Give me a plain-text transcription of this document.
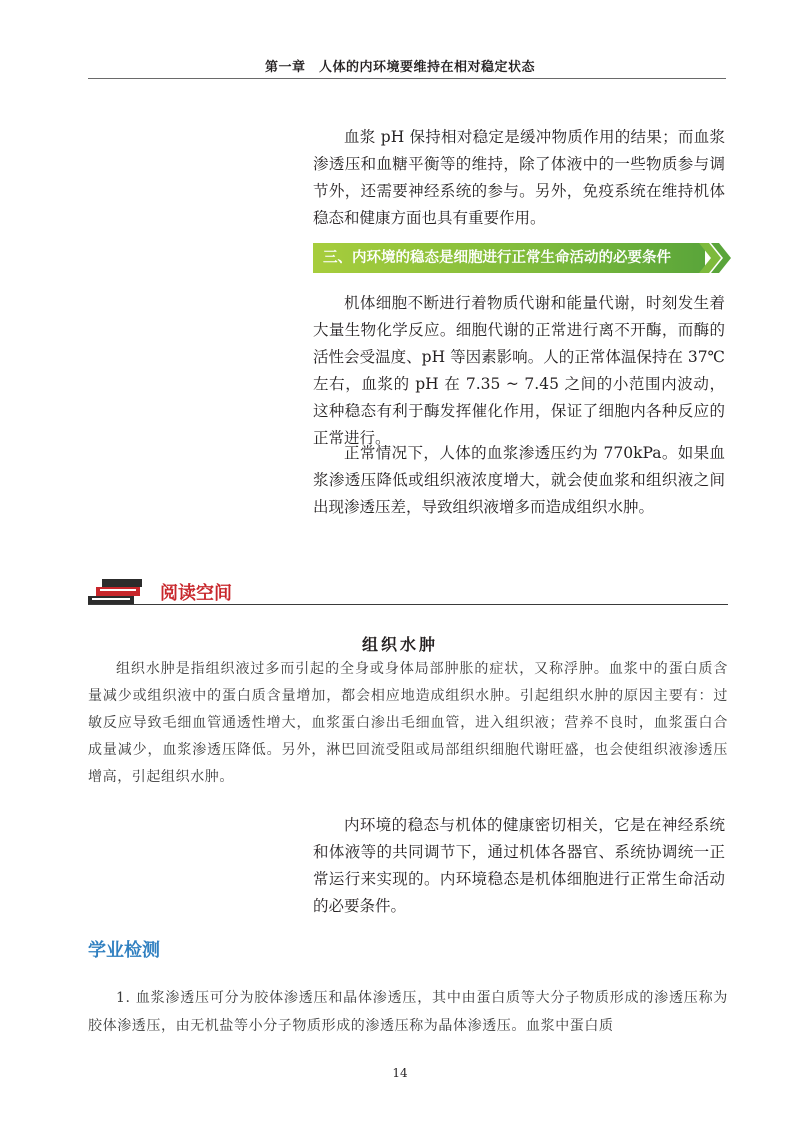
第一章　人体的内环境要维持在相对稳定状态

血浆 pH 保持相对稳定是缓冲物质作用的结果；而血浆渗透压和血糖平衡等的维持，除了体液中的一些物质参与调节外，还需要神经系统的参与。另外，免疫系统在维持机体稳态和健康方面也具有重要作用。

三、内环境的稳态是细胞进行正常生命活动的必要条件

机体细胞不断进行着物质代谢和能量代谢，时刻发生着大量生物化学反应。细胞代谢的正常进行离不开酶，而酶的活性会受温度、pH 等因素影响。人的正常体温保持在 37℃左右，血浆的 pH 在 7.35 ~ 7.45 之间的小范围内波动，这种稳态有利于酶发挥催化作用，保证了细胞内各种反应的正常进行。

正常情况下，人体的血浆渗透压约为 770kPa。如果血浆渗透压降低或组织液浓度增大，就会使血浆和组织液之间出现渗透压差，导致组织液增多而造成组织水肿。

阅读空间
组织水肿

组织水肿是指组织液过多而引起的全身或身体局部肿胀的症状，又称浮肿。血浆中的蛋白质含量减少或组织液中的蛋白质含量增加，都会相应地造成组织水肿。引起组织水肿的原因主要有：过敏反应导致毛细血管通透性增大，血浆蛋白渗出毛细血管，进入组织液；营养不良时，血浆蛋白合成量减少，血浆渗透压降低。另外，淋巴回流受阻或局部组织细胞代谢旺盛，也会使组织液渗透压增高，引起组织水肿。

内环境的稳态与机体的健康密切相关，它是在神经系统和体液等的共同调节下，通过机体各器官、系统协调统一正常运行来实现的。内环境稳态是机体细胞进行正常生命活动的必要条件。

学业检测

1. 血浆渗透压可分为胶体渗透压和晶体渗透压，其中由蛋白质等大分子物质形成的渗透压称为胶体渗透压，由无机盐等小分子物质形成的渗透压称为晶体渗透压。血浆中蛋白质

14
